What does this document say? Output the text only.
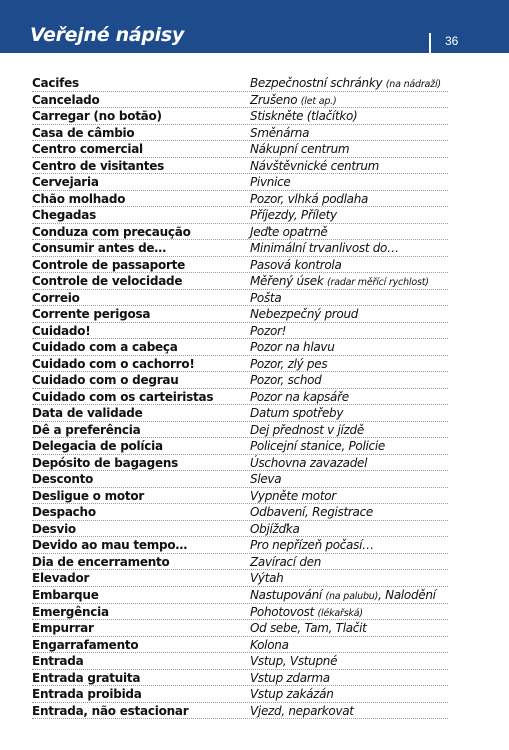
Veřejné nápisy	36
Cacifes	Bezpečnostní schránky (na nádraží)
Cancelado	Zrušeno (let ap.)
Carregar (no botão)	Stiskněte (tlačítko)
Casa de câmbio	Směnárna
Centro comercial	Nákupní centrum
Centro de visitantes	Návštěvnické centrum
Cervejaria	Pivnice
Chão molhado	Pozor, vlhká podlaha
Chegadas	Příjezdy, Přílety
Conduza com precaução	Jeďte opatrně
Consumir antes de…	Minimální trvanlivost do…
Controle de passaporte	Pasová kontrola
Controle de velocidade	Měřený úsek (radar měřící rychlost)
Correio	Pošta
Corrente perigosa	Nebezpečný proud
Cuidado!	Pozor!
Cuidado com a cabeça	Pozor na hlavu
Cuidado com o cachorro!	Pozor, zlý pes
Cuidado com o degrau	Pozor, schod
Cuidado com os carteiristas	Pozor na kapsáře
Data de validade	Datum spotřeby
Dê a preferência	Dej přednost v jízdě
Delegacia de polícia	Policejní stanice, Policie
Depósito de bagagens	Úschovna zavazadel
Desconto	Sleva
Desligue o motor	Vypněte motor
Despacho	Odbavení, Registrace
Desvio	Objížďka
Devido ao mau tempo…	Pro nepřízeň počasí…
Dia de encerramento	Zavírací den
Elevador	Výtah
Embarque	Nastupování (na palubu), Nalodění
Emergência	Pohotovost (lékařská)
Empurrar	Od sebe, Tam, Tlačit
Engarrafamento	Kolona
Entrada	Vstup, Vstupné
Entrada gratuita	Vstup zdarma
Entrada proibida	Vstup zakázán
Entrada, não estacionar	Vjezd, neparkovat
